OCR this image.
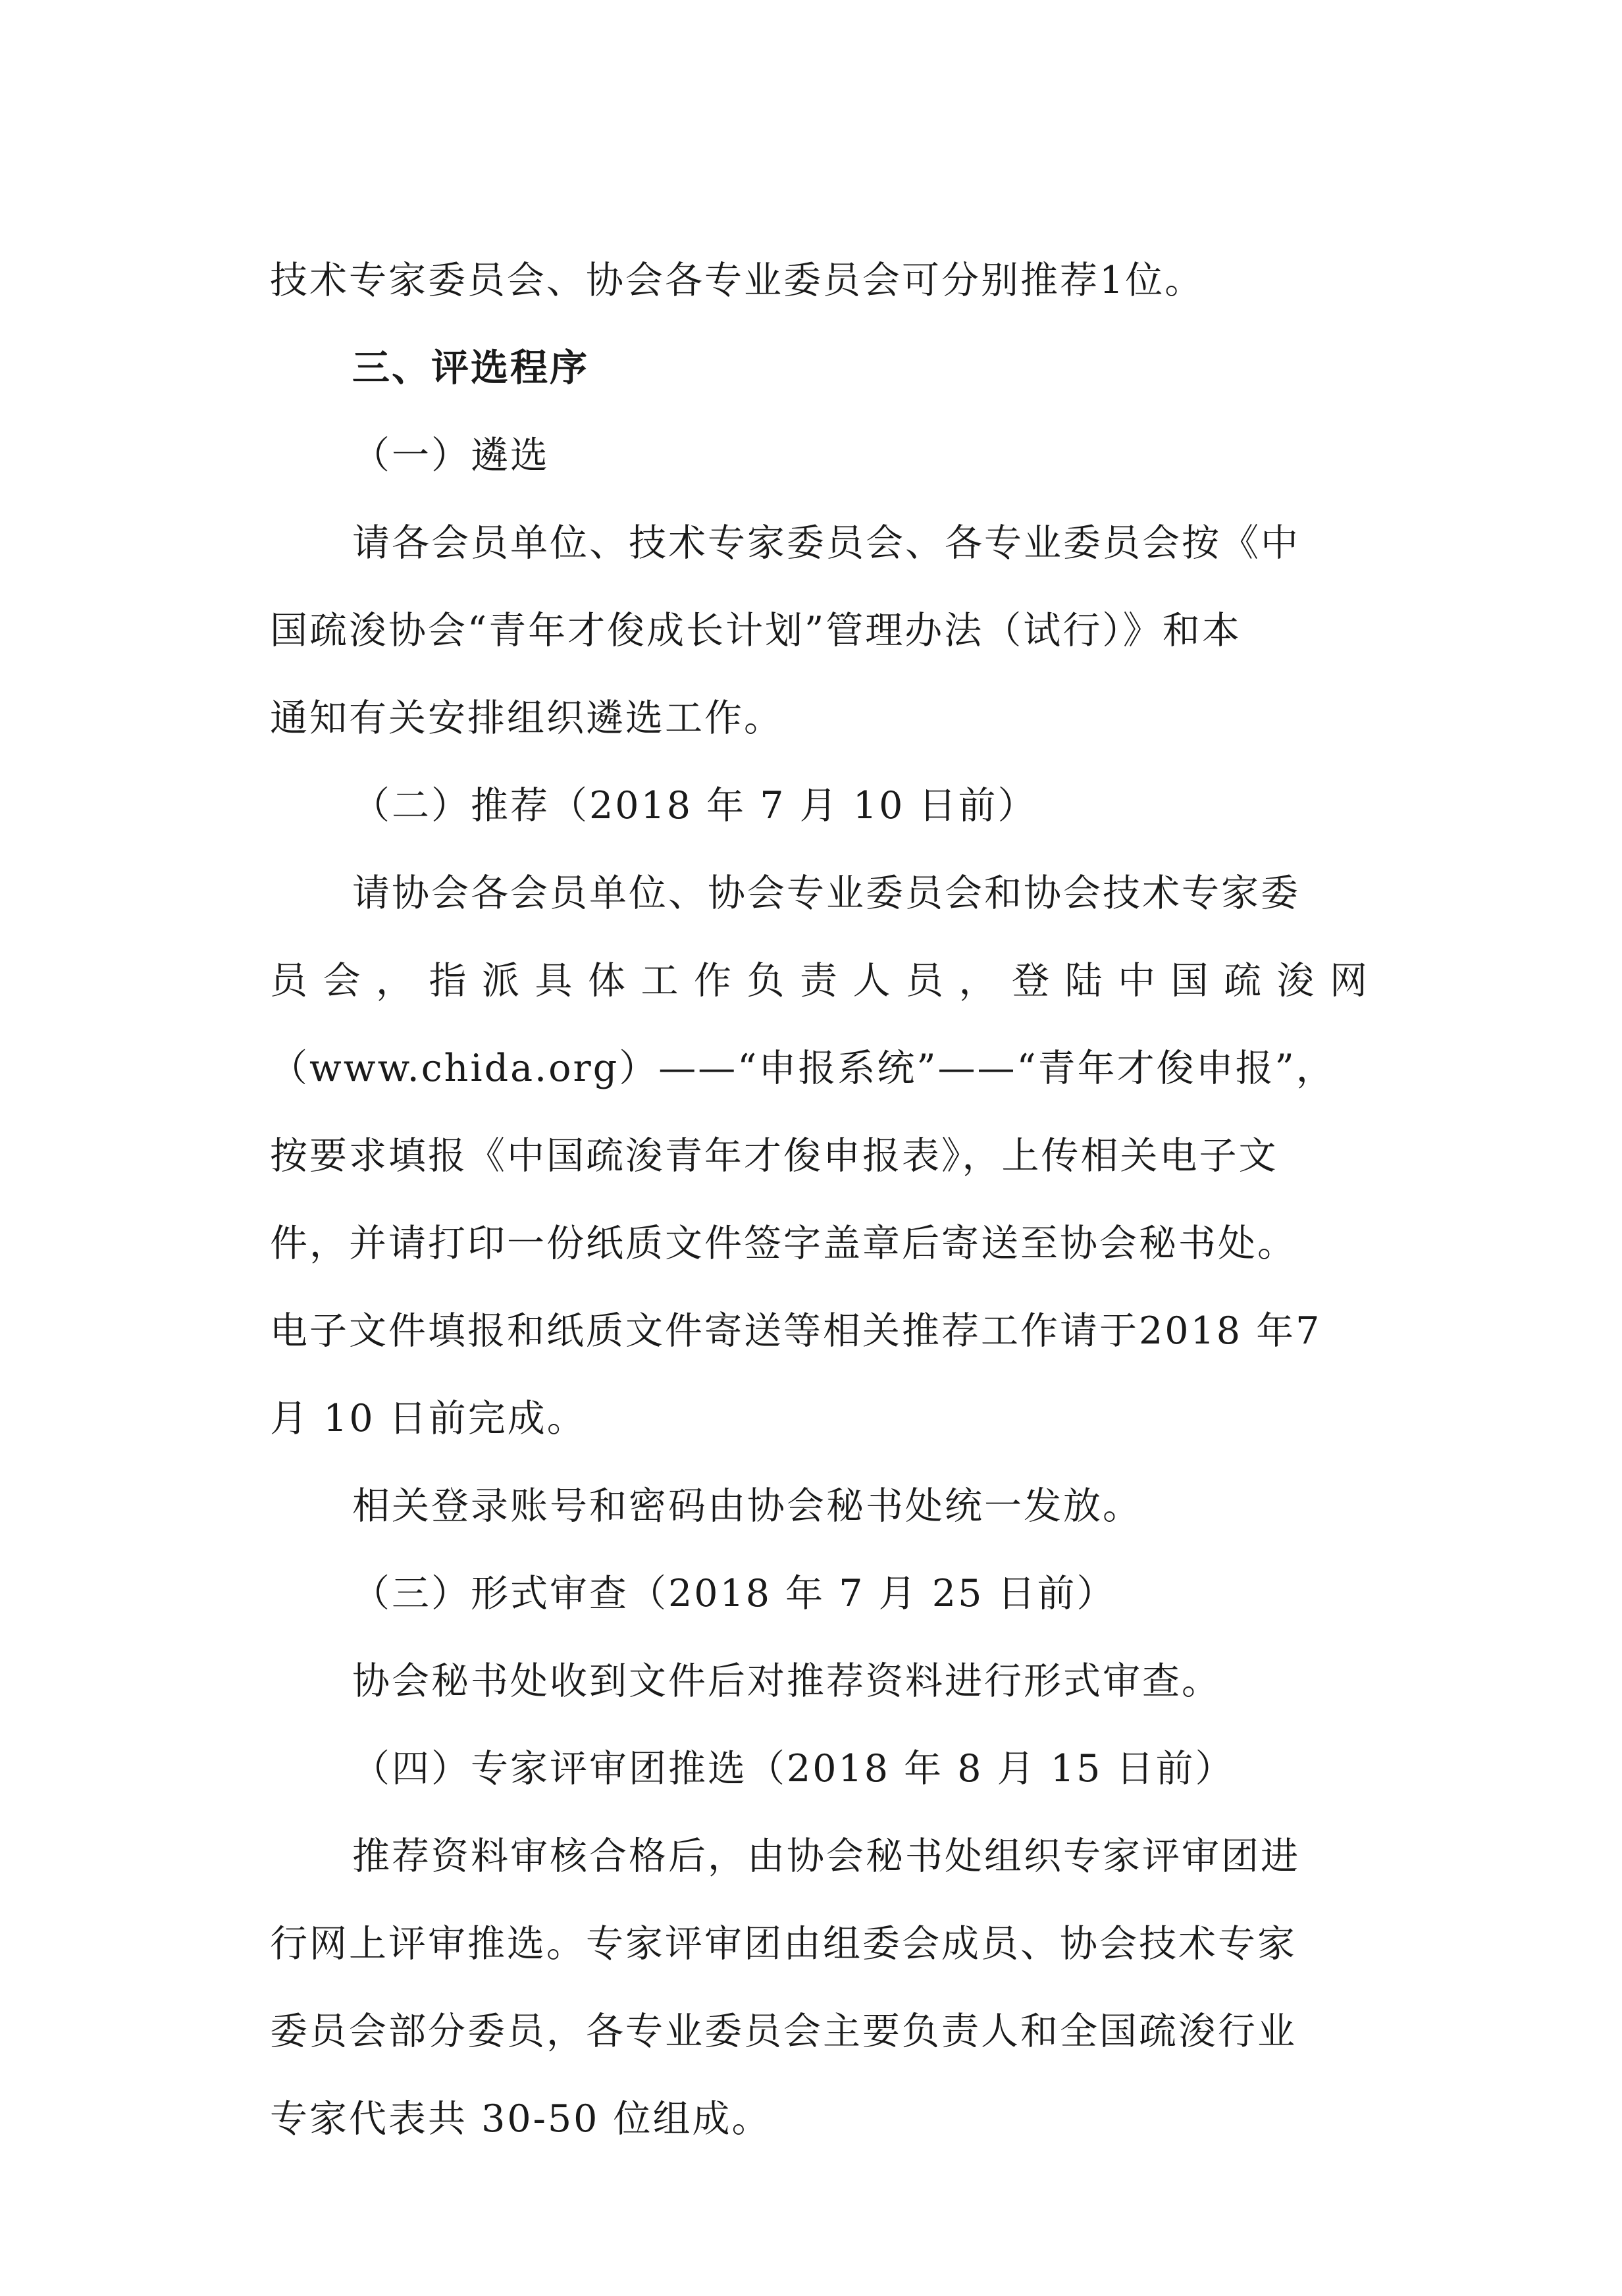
技术专家委员会、协会各专业委员会可分别推荐1位。
三、评选程序
（一）遴选
请各会员单位、技术专家委员会、各专业委员会按《中
国疏浚协会“青年才俊成长计划”管理办法（试行）》和本
通知有关安排组织遴选工作。
（二）推荐（2018 年 7 月 10 日前）
请协会各会员单位、协会专业委员会和协会技术专家委
员 会 ， 指 派 具 体 工 作 负 责 人 员 ， 登 陆 中 国 疏 浚 网
（www.chida.org）——“申报系统”——“青年才俊申报”，
按要求填报《中国疏浚青年才俊申报表》，上传相关电子文
件，并请打印一份纸质文件签字盖章后寄送至协会秘书处。
电子文件填报和纸质文件寄送等相关推荐工作请于2018 年7
月 10 日前完成。
相关登录账号和密码由协会秘书处统一发放。
（三）形式审查（2018 年 7 月 25 日前）
协会秘书处收到文件后对推荐资料进行形式审查。
（四）专家评审团推选（2018 年 8 月 15 日前）
推荐资料审核合格后，由协会秘书处组织专家评审团进
行网上评审推选。专家评审团由组委会成员、协会技术专家
委员会部分委员，各专业委员会主要负责人和全国疏浚行业
专家代表共 30-50 位组成。
